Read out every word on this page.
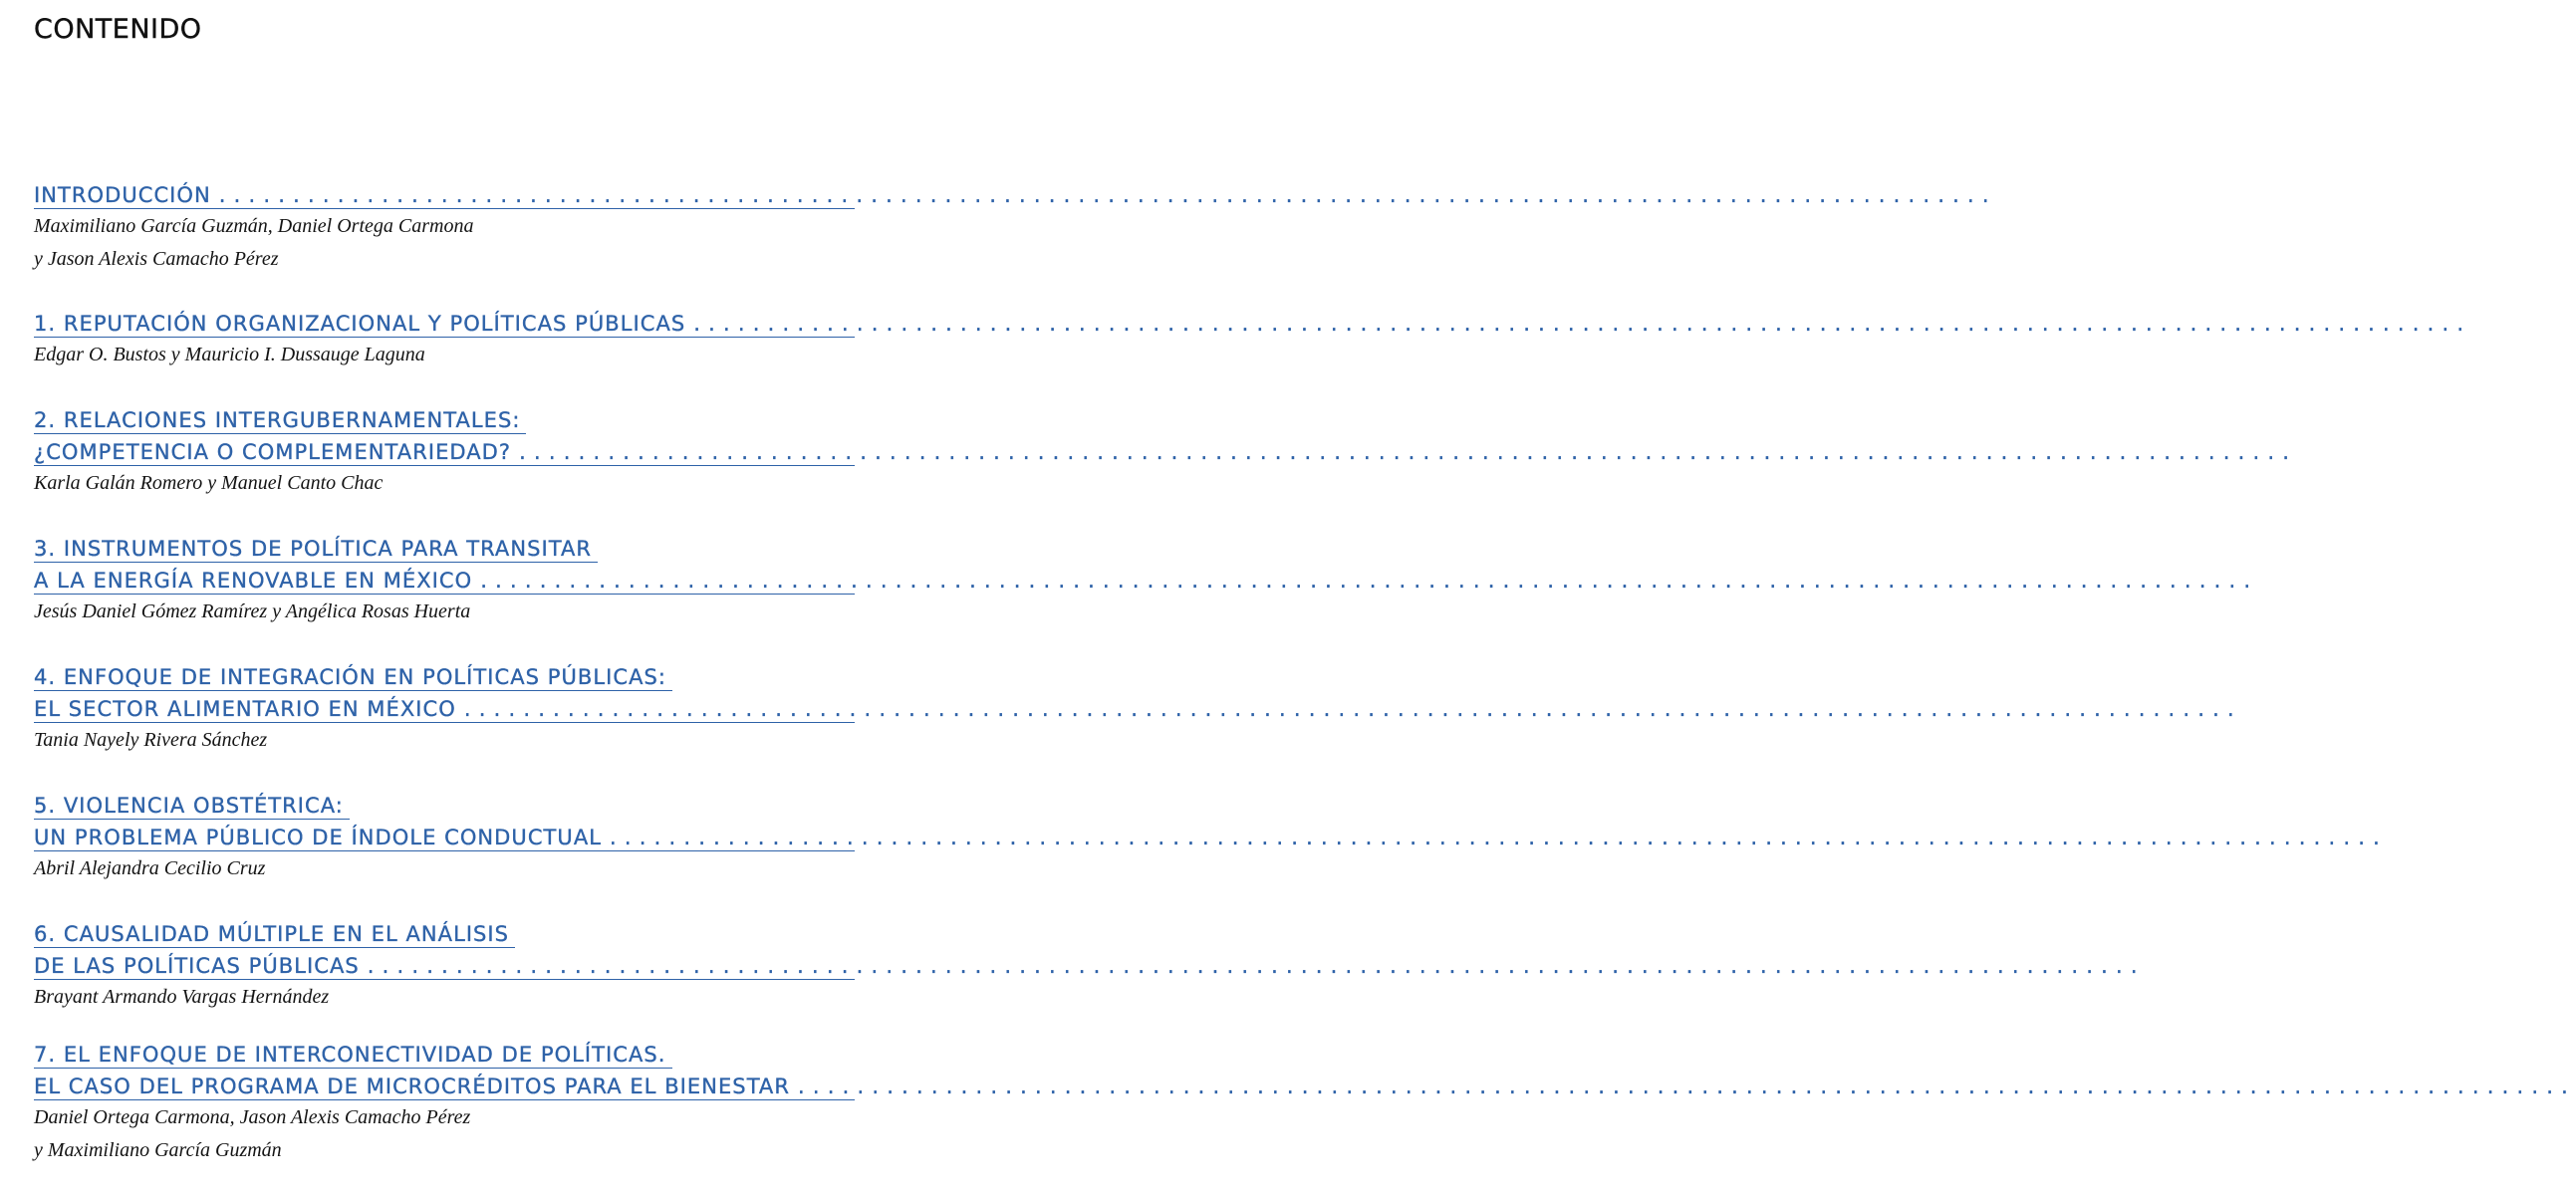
CONTENIDO
INTRODUCCIÓN ........................................................................................................................
Maximiliano García Guzmán, Daniel Ortega Carmona
y Jason Alexis Camacho Pérez
1. REPUTACIÓN ORGANIZACIONAL Y POLÍTICAS PÚBLICAS ........................................................................................................................
Edgar O. Bustos y Mauricio I. Dussauge Laguna
2. RELACIONES INTERGUBERNAMENTALES:
¿COMPETENCIA O COMPLEMENTARIEDAD? ........................................................................................................................
Karla Galán Romero y Manuel Canto Chac
3. INSTRUMENTOS DE POLÍTICA PARA TRANSITAR
A LA ENERGÍA RENOVABLE EN MÉXICO ........................................................................................................................
Jesús Daniel Gómez Ramírez y Angélica Rosas Huerta
4. ENFOQUE DE INTEGRACIÓN EN POLÍTICAS PÚBLICAS:
EL SECTOR ALIMENTARIO EN MÉXICO ........................................................................................................................
Tania Nayely Rivera Sánchez
5. VIOLENCIA OBSTÉTRICA:
UN PROBLEMA PÚBLICO DE ÍNDOLE CONDUCTUAL ........................................................................................................................
Abril Alejandra Cecilio Cruz
6. CAUSALIDAD MÚLTIPLE EN EL ANÁLISIS
DE LAS POLÍTICAS PÚBLICAS ........................................................................................................................
Brayant Armando Vargas Hernández
7. EL ENFOQUE DE INTERCONECTIVIDAD DE POLÍTICAS.
EL CASO DEL PROGRAMA DE MICROCRÉDITOS PARA EL BIENESTAR ........................................................................................................................
Daniel Ortega Carmona, Jason Alexis Camacho Pérez
y Maximiliano García Guzmán
